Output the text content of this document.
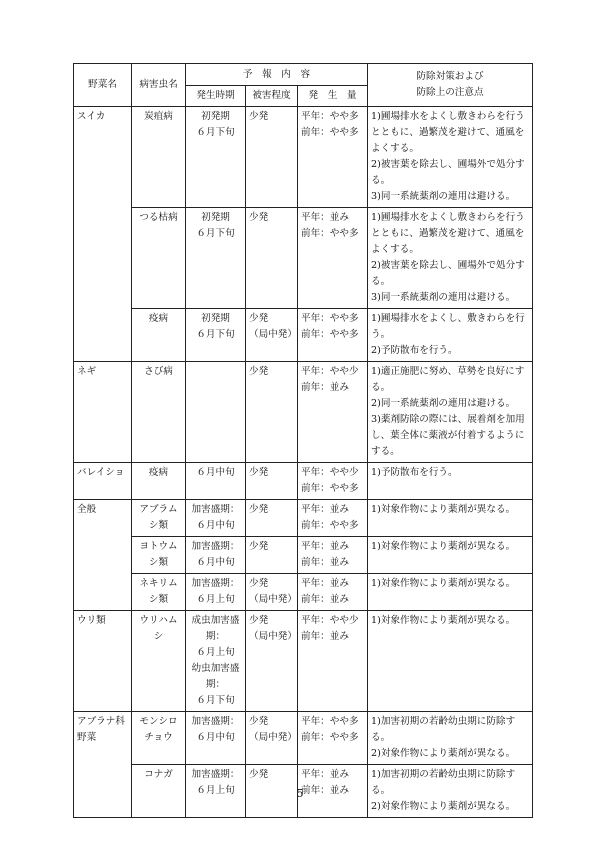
野菜名	病害虫名	予　報　内　容			防除対策および
防除上の注意点
		発生時期	被害程度	発　生　量	
スイカ	炭疽病	初発期
６月下旬	少発	平年：やや多
前年：やや多	1)圃場排水をよくし敷きわらを行うとともに、過繁茂を避けて、通風をよくする。
2)被害葉を除去し、圃場外で処分する。
3)同一系統薬剤の連用は避ける。
	つる枯病	初発期
６月下旬	少発	平年：並み
前年：やや多	1)圃場排水をよくし敷きわらを行うとともに、過繁茂を避けて、通風をよくする。
2)被害葉を除去し、圃場外で処分する。
3)同一系統薬剤の連用は避ける。
	疫病	初発期
６月下旬	少発
（局中発）	平年：やや多
前年：やや多	1)圃場排水をよくし、敷きわらを行う。
2)予防散布を行う。
ネギ	さび病		少発	平年：やや少
前年：並み	1)適正施肥に努め、草勢を良好にする。
2)同一系統薬剤の連用は避ける。
3)薬剤防除の際には、展着剤を加用し、葉全体に薬液が付着するようにする。
バレイショ	疫病	６月中旬	少発	平年：やや少
前年：やや多	1)予防散布を行う。
全般	アブラムシ類	加害盛期：
６月中旬	少発	平年：並み
前年：やや多	1)対象作物により薬剤が異なる。
	ヨトウムシ類	加害盛期：
６月中旬	少発	平年：並み
前年：並み	1)対象作物により薬剤が異なる。
	ネキリムシ類	加害盛期：
６月上旬	少発
（局中発）	平年：並み
前年：並み	1)対象作物により薬剤が異なる。
ウリ類	ウリハムシ	成虫加害盛期：
６月上旬
幼虫加害盛期：
６月下旬	少発
（局中発）	平年：やや少
前年：並み	1)対象作物により薬剤が異なる。
アブラナ科野菜	モンシロチョウ	加害盛期：
６月中旬	少発
（局中発）	平年：やや多
前年：やや多	1)加害初期の若齢幼虫期に防除する。
2)対象作物により薬剤が異なる。
	コナガ	加害盛期：
６月上旬	少発	平年：並み
前年：並み	1)加害初期の若齢幼虫期に防除する。
2)対象作物により薬剤が異なる。
5
